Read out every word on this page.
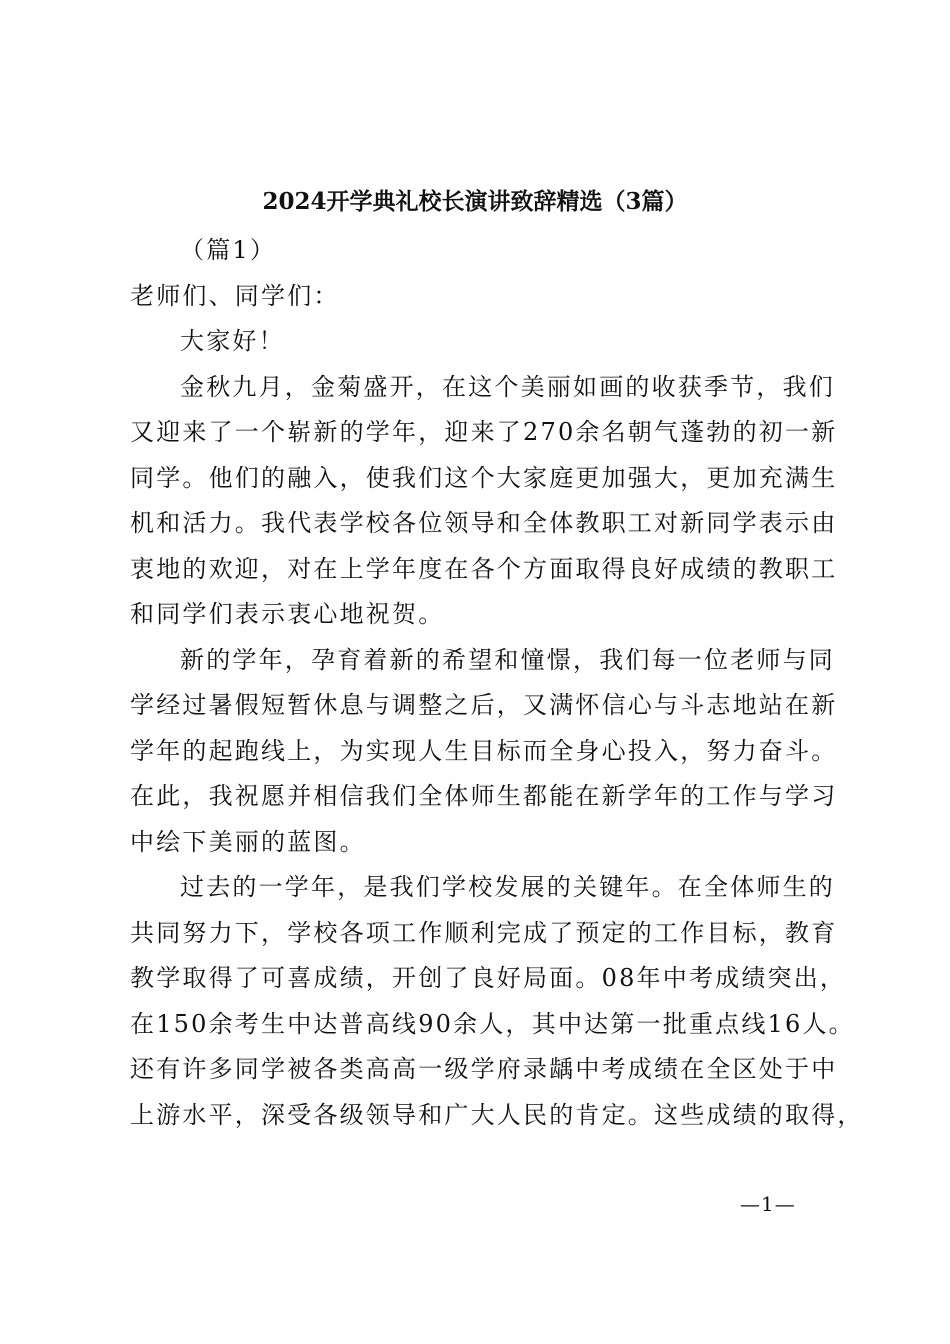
2024开学典礼校长演讲致辞精选（3篇）
（篇1）
老师们、同学们：
大家好！
金秋九月，金菊盛开，在这个美丽如画的收获季节，我们
又迎来了一个崭新的学年，迎来了270余名朝气蓬勃的初一新
同学。他们的融入，使我们这个大家庭更加强大，更加充满生
机和活力。我代表学校各位领导和全体教职工对新同学表示由
衷地的欢迎，对在上学年度在各个方面取得良好成绩的教职工
和同学们表示衷心地祝贺。
新的学年，孕育着新的希望和憧憬，我们每一位老师与同
学经过暑假短暂休息与调整之后，又满怀信心与斗志地站在新
学年的起跑线上，为实现人生目标而全身心投入，努力奋斗。
在此，我祝愿并相信我们全体师生都能在新学年的工作与学习
中绘下美丽的蓝图。
过去的一学年，是我们学校发展的关键年。在全体师生的
共同努力下，学校各项工作顺利完成了预定的工作目标，教育
教学取得了可喜成绩，开创了良好局面。08年中考成绩突出，
在150余考生中达普高线90余人，其中达第一批重点线16人。
还有许多同学被各类高高一级学府录龋中考成绩在全区处于中
上游水平，深受各级领导和广大人民的肯定。这些成绩的取得，
—1—
